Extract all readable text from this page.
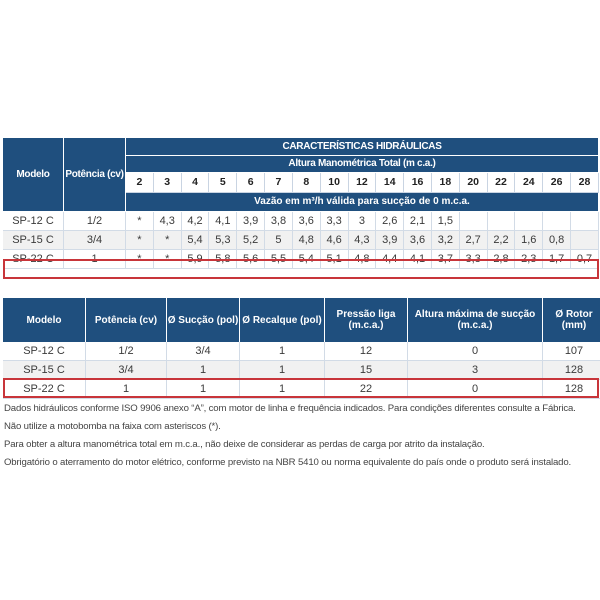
Modelo	Potência (cv)	CARACTERÍSTICAS HIDRÁULICAS																
		Altura Manométrica Total (m c.a.)																
		2	3	4	5	6	7	8	10	12	14	16	18	20	22	24	26	28
		Vazão em m³/h válida para sucção de 0 m.c.a.																
SP-12 C	1/2	*	4,3	4,2	4,1	3,9	3,8	3,6	3,3	3	2,6	2,1	1,5					
SP-15 C	3/4	*	*	5,4	5,3	5,2	5	4,8	4,6	4,3	3,9	3,6	3,2	2,7	2,2	1,6	0,8	
SP-22 C	1	*	*	5,9	5,8	5,6	5,5	5,4	5,1	4,8	4,4	4,1	3,7	3,3	2,8	2,3	1,7	0,7
Modelo	Potência (cv)	Ø Sucção (pol)	Ø Recalque (pol)	Pressão liga (m.c.a.)	Altura máxima de sucção (m.c.a.)	Ø Rotor (mm)
SP-12 C	1/2	3/4	1	12	0	107
SP-15 C	3/4	1	1	15	3	128
SP-22 C	1	1	1	22	0	128

Dados hidráulicos conforme ISO 9906 anexo “A”, com motor de linha e frequência indicados. Para condições diferentes consulte a Fábrica.

Não utilize a motobomba na faixa com asteriscos (*).

Para obter a altura manométrica total em m.c.a., não deixe de considerar as perdas de carga por atrito da instalação.

Obrigatório o aterramento do motor elétrico, conforme previsto na NBR 5410 ou norma equivalente do país onde o produto será instalado.
